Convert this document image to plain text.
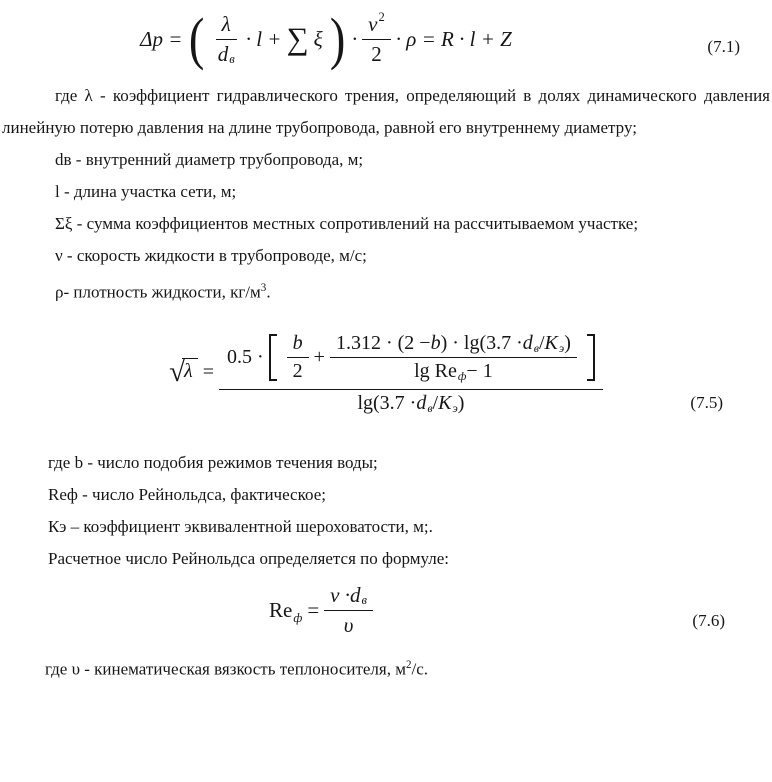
Δp = ( $\frac{\lambda}{\text{d в}} \cdot l$ + ∑ ξ ) · $\frac{\nu 2}{2} \cdot \rho = R \cdot l + Z$	(7.1)

где λ - коэффициент гидравлического трения, определяющий в долях динамического давления линейную потерю давления на длине трубопровода, равной его внутреннему диаметру;

dв - внутренний диаметр трубопровода, м;
l - длина участка сети, м;
Σξ - сумма коэффициентов местных сопротивлений на рассчитываемом участке;
ν - скорость жидкости в трубопроводе, м/с;
ρ- плотность жидкости, $кг/м^3$.
√ λ =
$0.5 \cdot \frac{b}{2} + \frac{\text{1.312 · (2 − b ) · lg(3.7 · d в / K э )}}{\text{lg Re ф − 1}}$
lg(3.7 · d в / K э )	(7.5)
где b - число подобия режимов течения воды;
Reф - число Рейнольдса, фактическое;
Кэ – коэффициент эквивалентной шероховатости, м;.
Расчетное число Рейнольдса определяется по формуле:
$Re_ф = \frac{\text{ν · d в}}{\upsilon}$	(7.6)
где υ - кинематическая вязкость теплоносителя, $м^2/с$.
